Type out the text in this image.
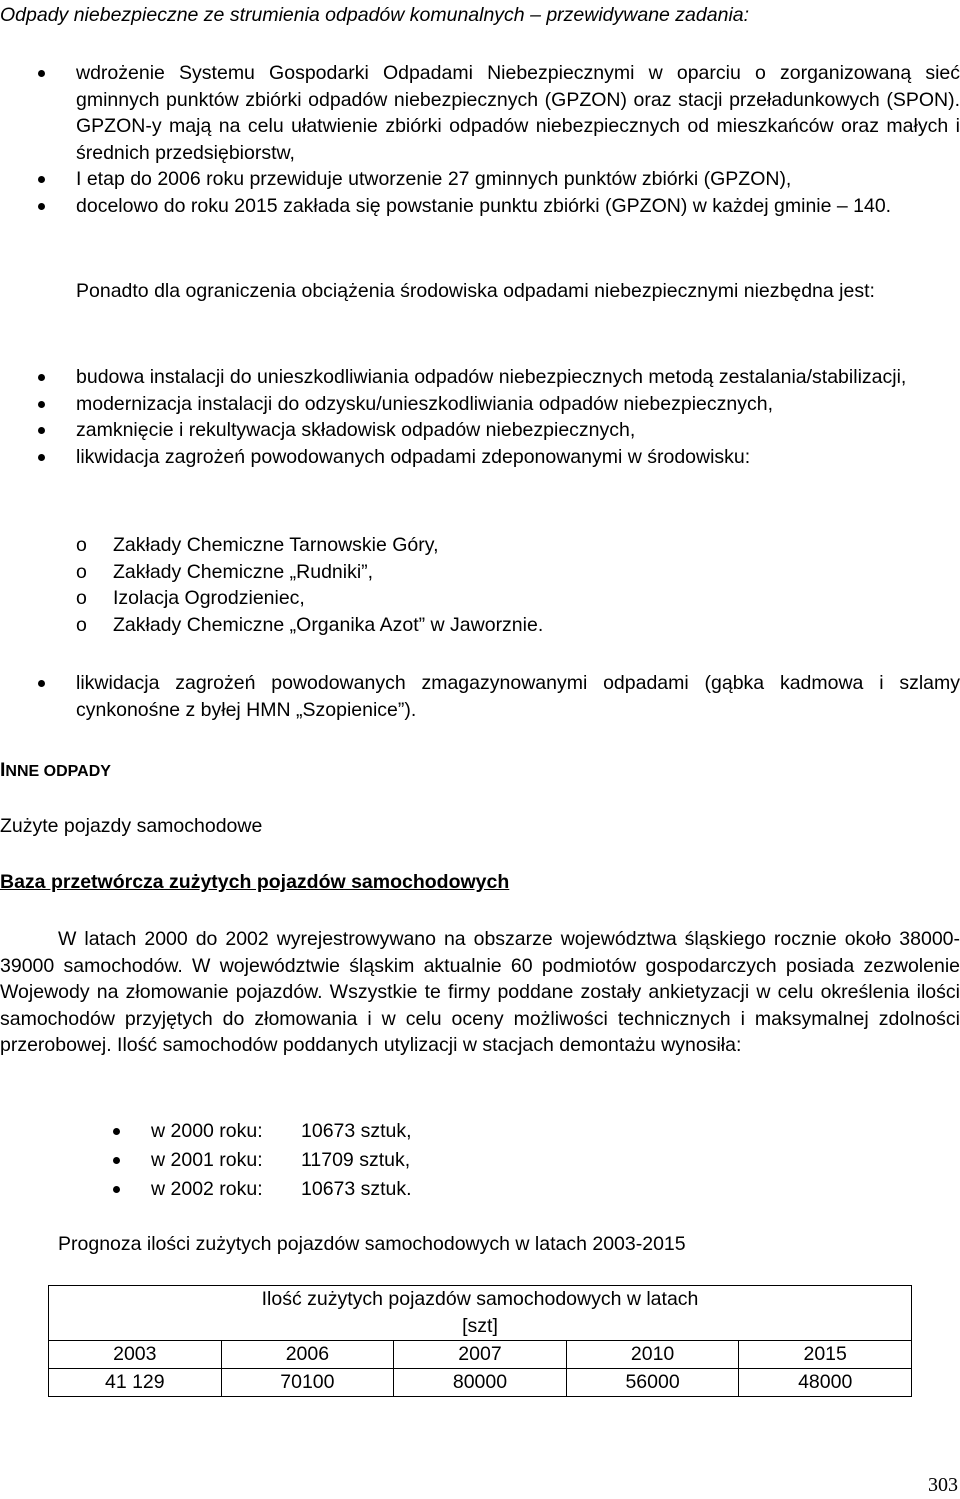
Odpady niebezpieczne ze strumienia odpadów komunalnych – przewidywane zadania:
wdrożenie Systemu Gospodarki Odpadami Niebezpiecznymi w oparciu o zorganizowaną sieć gminnych punktów zbiórki odpadów niebezpiecznych (GPZON) oraz stacji przeładunkowych (SPON). GPZON-y mają na celu ułatwienie zbiórki odpadów niebezpiecznych od mieszkańców oraz małych i średnich przedsiębiorstw,
I etap do 2006 roku przewiduje utworzenie 27 gminnych punktów zbiórki (GPZON),
docelowo do roku 2015 zakłada się powstanie punktu zbiórki (GPZON) w każdej gminie – 140.

Ponadto dla ograniczenia obciążenia środowiska odpadami niebezpiecznymi niezbędna jest:

budowa instalacji do unieszkodliwiania odpadów niebezpiecznych metodą zestalania/stabilizacji,
modernizacja instalacji do odzysku/unieszkodliwiania odpadów niebezpiecznych,
zamknięcie i rekultywacja składowisk odpadów niebezpiecznych,
likwidacja zagrożeń powodowanych odpadami zdeponowanymi w środowisku:
o Zakłady Chemiczne Tarnowskie Góry,
o Zakłady Chemiczne „Rudniki”,
o Izolacja Ogrodzieniec,
o Zakłady Chemiczne „Organika Azot” w Jaworznie.
likwidacja zagrożeń powodowanych zmagazynowanymi odpadami (gąbka kadmowa i szlamy cynkonośne z byłej HMN „Szopienice”).
INNE ODPADY
Zużyte pojazdy samochodowe
Baza przetwórcza zużytych pojazdów samochodowych

W latach 2000 do 2002 wyrejestrowywano na obszarze województwa śląskiego rocznie około 38000-39000 samochodów. W województwie śląskim aktualnie 60 podmiotów gospodarczych posiada zezwolenie Wojewody na złomowanie pojazdów. Wszystkie te firmy poddane zostały ankietyzacji w celu określenia ilości samochodów przyjętych do złomowania i w celu oceny możliwości technicznych i maksymalnej zdolności przerobowej. Ilość samochodów poddanych utylizacji w stacjach demontażu wynosiła:

w 2000 roku: 10673 sztuk,
w 2001 roku: 11709 sztuk,
w 2002 roku: 10673 sztuk.
Prognoza ilości zużytych pojazdów samochodowych w latach 2003-2015
Ilość zużytych pojazdów samochodowych w latach
[szt]				
2003	2006	2007	2010	2015
41 129	70100	80000	56000	48000
303
